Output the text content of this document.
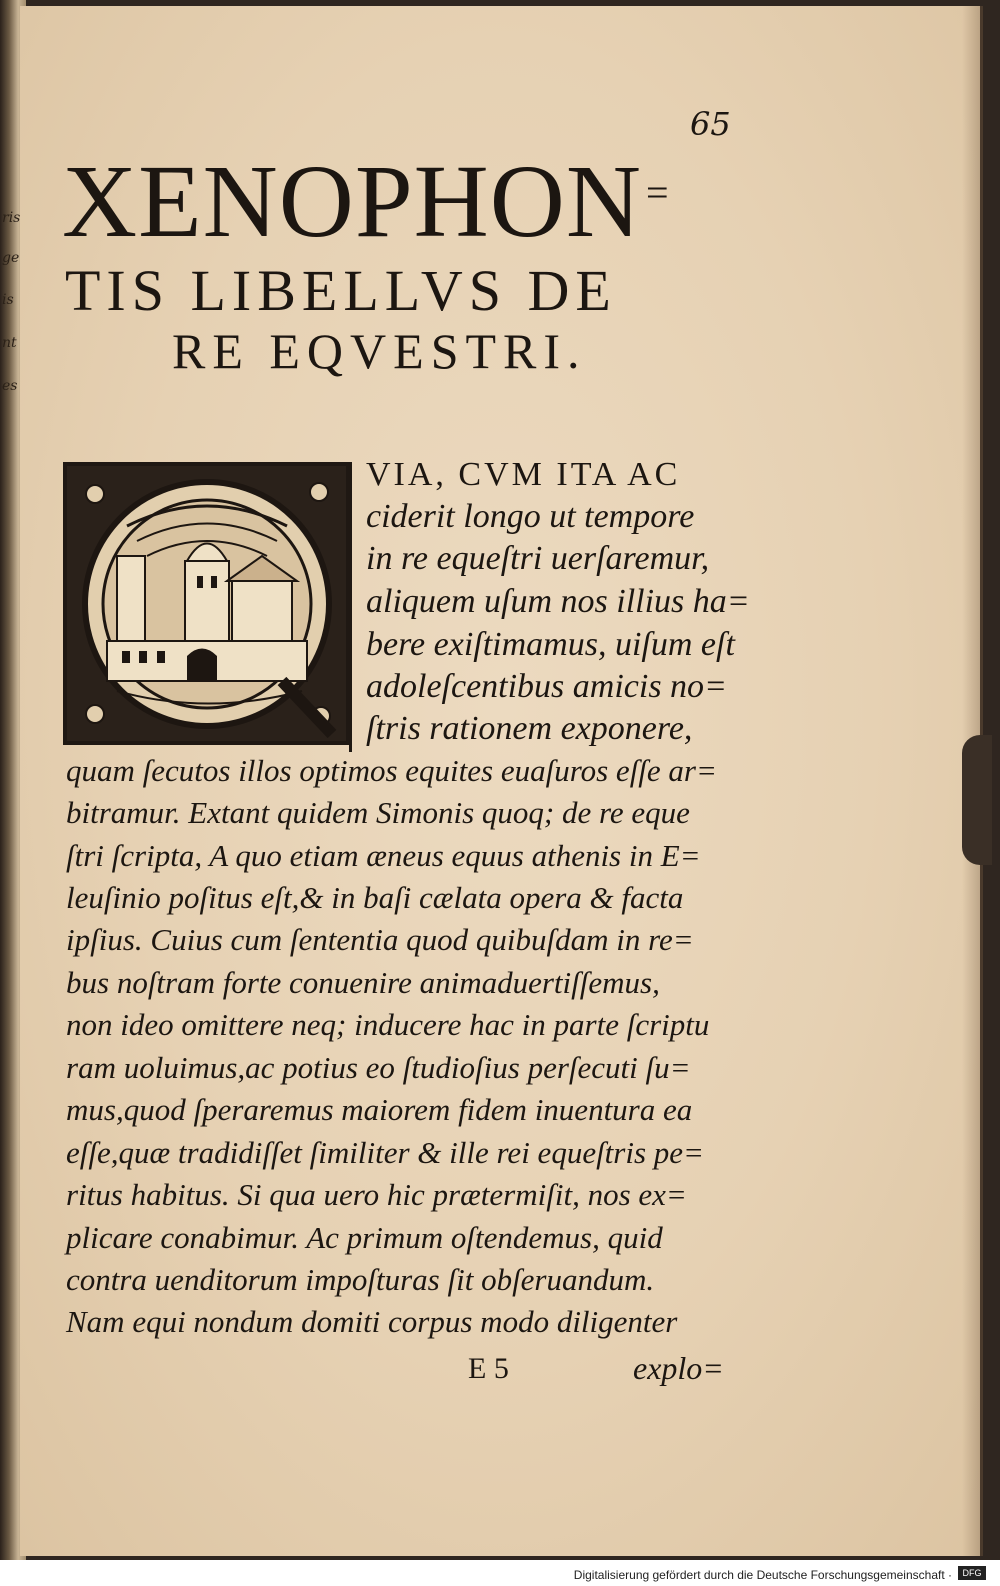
ris
ge
is
nt
es
65
XENOPHON =
TIS LIBELLVS DE
RE EQVESTRI.
VIA, CVM ITA AC
ciderit longo ut tempore
in re equeſtri uerſaremur,
aliquem uſum nos illius ha=
bere exiſtimamus, uiſum eſt
adoleſcentibus amicis no=
ſtris rationem exponere,
quam ſecutos illos optimos equites euaſuros eſſe ar=
bitramur. Extant quidem Simonis quoq; de re eque
ſtri ſcripta, A quo etiam æneus equus athenis in E=
leuſinio poſitus eſt,& in baſi cælata opera & facta
ipſius. Cuius cum ſententia quod quibuſdam in re=
bus noſtram forte conuenire animaduertiſſemus,
non ideo omittere neq; inducere hac in parte ſcriptu
ram uoluimus,ac potius eo ſtudioſius perſecuti ſu=
mus,quod ſperaremus maiorem fidem inuentura ea
eſſe,quæ tradidiſſet ſimiliter & ille rei equeſtris pe=
ritus habitus. Si qua uero hic prætermiſit, nos ex=
plicare conabimur. Ac primum oſtendemus, quid
contra uenditorum impoſturas ſit obſeruandum.
Nam equi nondum domiti corpus modo diligenter
E 5	explo=
Digitalisierung gefördert durch die Deutsche Forschungsgemeinschaft ·	DFG
